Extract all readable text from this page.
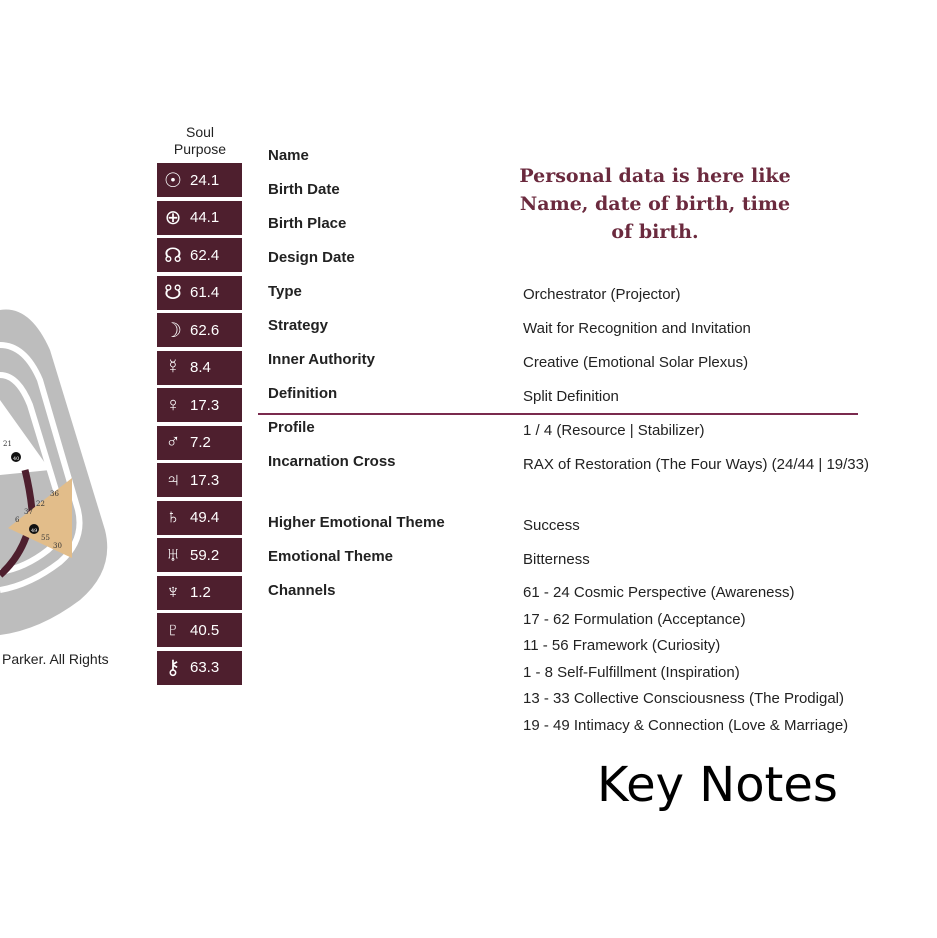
21
40
36
22
37
6
49
55
30
Parker. All Rights
Soul
Purpose
☉ 24.1
⊕ 44.1
☊ 62.4
☋ 61.4
☽ 62.6
☿ 8.4
♀ 17.3
♂ 7.2
♃ 17.3
♄ 49.4
♅ 59.2
♆ 1.2
♇ 40.5
⚷ 63.3
Personal data is here like Name, date of birth, time of birth.
Name
Birth Date
Birth Place
Design Date
Type	Orchestrator (Projector)
Strategy	Wait for Recognition and Invitation
Inner Authority	Creative (Emotional Solar Plexus)
Definition	Split Definition
Profile	1 / 4 (Resource | Stabilizer)
Incarnation Cross	RAX of Restoration (The Four Ways) (24/44 | 19/33)
Higher Emotional Theme	Success
Emotional Theme	Bitterness
Channels	61 - 24 Cosmic Perspective (Awareness)
17 - 62 Formulation (Acceptance)
11 - 56 Framework (Curiosity)
1 - 8 Self-Fulfillment (Inspiration)
13 - 33 Collective Consciousness (The Prodigal)
19 - 49 Intimacy & Connection (Love & Marriage)
Key Notes
